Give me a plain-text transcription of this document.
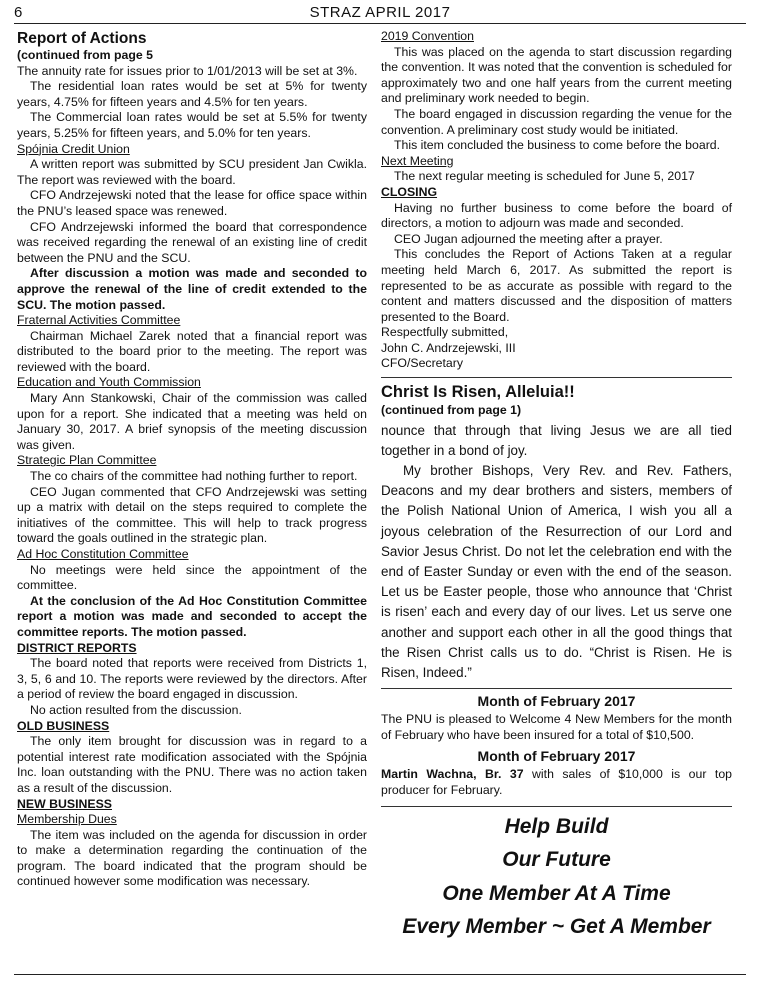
6	STRAZ APRIL 2017

Report of Actions

(continued from page 5

The annuity rate for issues prior to 1/01/2013 will be set at 3%.

The residential loan rates would be set at 5% for twenty years, 4.75% for fifteen years and 4.5% for ten years.

The Commercial loan rates would be set at 5.5% for twenty years, 5.25% for fifteen years, and 5.0% for ten years.

Spójnia Credit Union

A written report was submitted by SCU president Jan Cwikla. The report was reviewed with the board.

CFO Andrzejewski noted that the lease for office space within the PNU’s leased space was renewed.

CFO Andrzejewski informed the board that correspondence was received regarding the renewal of an existing line of credit between the PNU and the SCU.

After discussion a motion was made and seconded to approve the renewal of the line of credit extended to the SCU. The motion passed.

Fraternal Activities Committee

Chairman Michael Zarek noted that a financial report was distributed to the board prior to the meeting. The report was reviewed with the board.

Education and Youth Commission

Mary Ann Stankowski, Chair of the commission was called upon for a report. She indicated that a meeting was held on January 30, 2017. A brief synopsis of the meeting discussion was given.

Strategic Plan Committee

The co chairs of the committee had nothing further to report.

CEO Jugan commented that CFO Andrzejewski was setting up a matrix with detail on the steps required to complete the initiatives of the committee. This will help to track progress toward the goals outlined in the strategic plan.

Ad Hoc Constitution Committee

No meetings were held since the appointment of the committee.

At the conclusion of the Ad Hoc Constitution Committee report a motion was made and seconded to accept the committee reports. The motion passed.

DISTRICT REPORTS

The board noted that reports were received from Districts 1, 3, 5, 6 and 10. The reports were reviewed by the directors. After a period of review the board engaged in discussion.

No action resulted from the discussion.

OLD BUSINESS

The only item brought for discussion was in regard to a potential interest rate modification associated with the Spójnia Inc. loan outstanding with the PNU. There was no action taken as a result of the discussion.

NEW BUSINESS

Membership Dues

The item was included on the agenda for discussion in order to make a determination regarding the continuation of the program. The board indicated that the program should be continued however some modification was necessary.

2019 Convention

This was placed on the agenda to start discussion regarding the convention. It was noted that the convention is scheduled for approximately two and one half years from the current meeting and preliminary work needed to begin.

The board engaged in discussion regarding the venue for the convention. A preliminary cost study would be initiated.

This item concluded the business to come before the board.

Next Meeting

The next regular meeting is scheduled for June 5, 2017

CLOSING

Having no further business to come before the board of directors, a motion to adjourn was made and seconded.

CEO Jugan adjourned the meeting after a prayer.

This concludes the Report of Actions Taken at a regular meeting held March 6, 2017. As submitted the report is represented to be as accurate as possible with regard to the content and matters discussed and the disposition of matters presented to the Board.

Respectfully submitted,

John C. Andrzejewski, III

CFO/Secretary

Christ Is Risen, Alleluia!!

(continued from page 1)

nounce that through that living Jesus we are all tied together in a bond of joy.

My brother Bishops, Very Rev. and Rev. Fathers, Deacons and my dear brothers and sisters, members of the Polish National Union of America, I wish you all a joyous celebration of the Resurrection of our Lord and Savior Jesus Christ. Do not let the celebration end with the end of Easter Sunday or even with the end of the season. Let us be Easter people, those who announce that ‘Christ is risen’ each and every day of our lives. Let us serve one another and support each other in all the good things that the Risen Christ calls us to do. “Christ is Risen. He is Risen, Indeed.”

Month of February 2017

The PNU is pleased to Welcome 4 New Members for the month of February who have been insured for a total of $10,500.

Month of February 2017

Martin Wachna, Br. 37 with sales of $10,000 is our top producer for February.

Help Build

Our Future

One Member At A Time

Every Member ~ Get A Member
